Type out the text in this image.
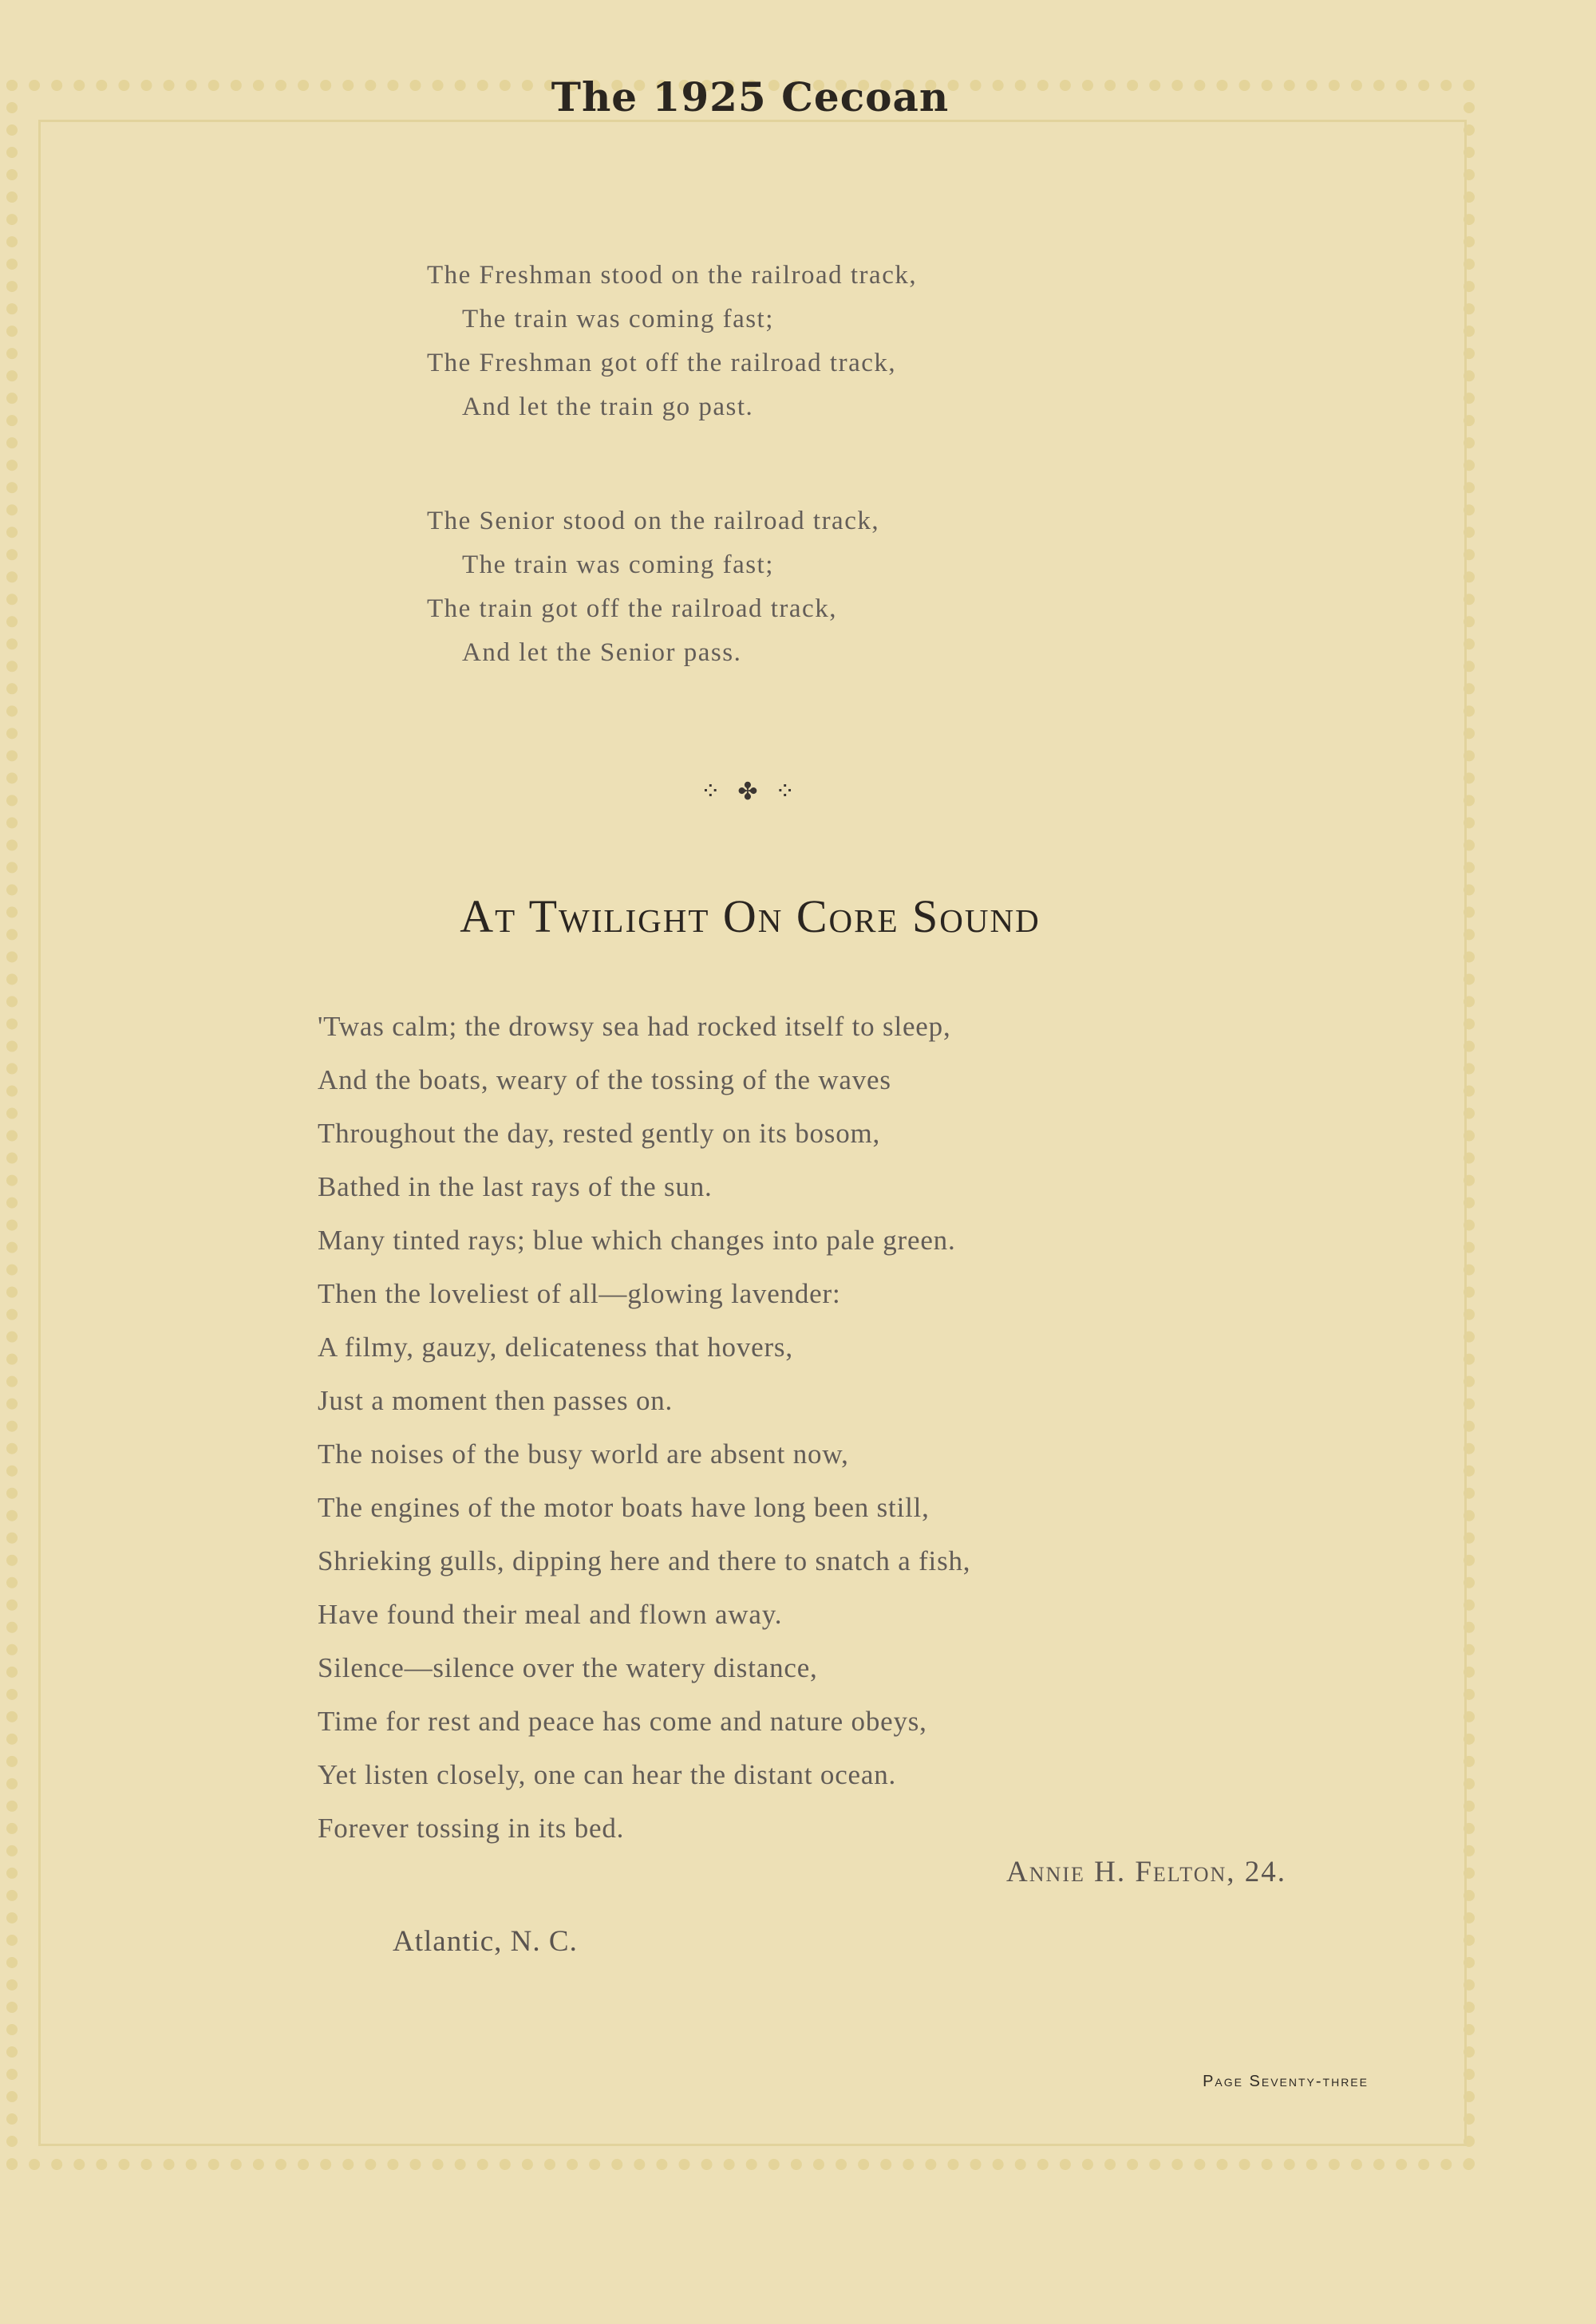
The 1925 Cecoan
The Freshman stood on the railroad track,
The train was coming fast;
The Freshman got off the railroad track,
And let the train go past.
The Senior stood on the railroad track,
The train was coming fast;
The train got off the railroad track,
And let the Senior pass.
⁘ ✤ ⁘
At Twilight On Core Sound
'Twas calm; the drowsy sea had rocked itself to sleep,
And the boats, weary of the tossing of the waves
Throughout the day, rested gently on its bosom,
Bathed in the last rays of the sun.
Many tinted rays; blue which changes into pale green.
Then the loveliest of all—glowing lavender:
A filmy, gauzy, delicateness that hovers,
Just a moment then passes on.
The noises of the busy world are absent now,
The engines of the motor boats have long been still,
Shrieking gulls, dipping here and there to snatch a fish,
Have found their meal and flown away.
Silence—silence over the watery distance,
Time for rest and peace has come and nature obeys,
Yet listen closely, one can hear the distant ocean.
Forever tossing in its bed.
Annie H. Felton, 24.
Atlantic, N. C.
Page Seventy-three
